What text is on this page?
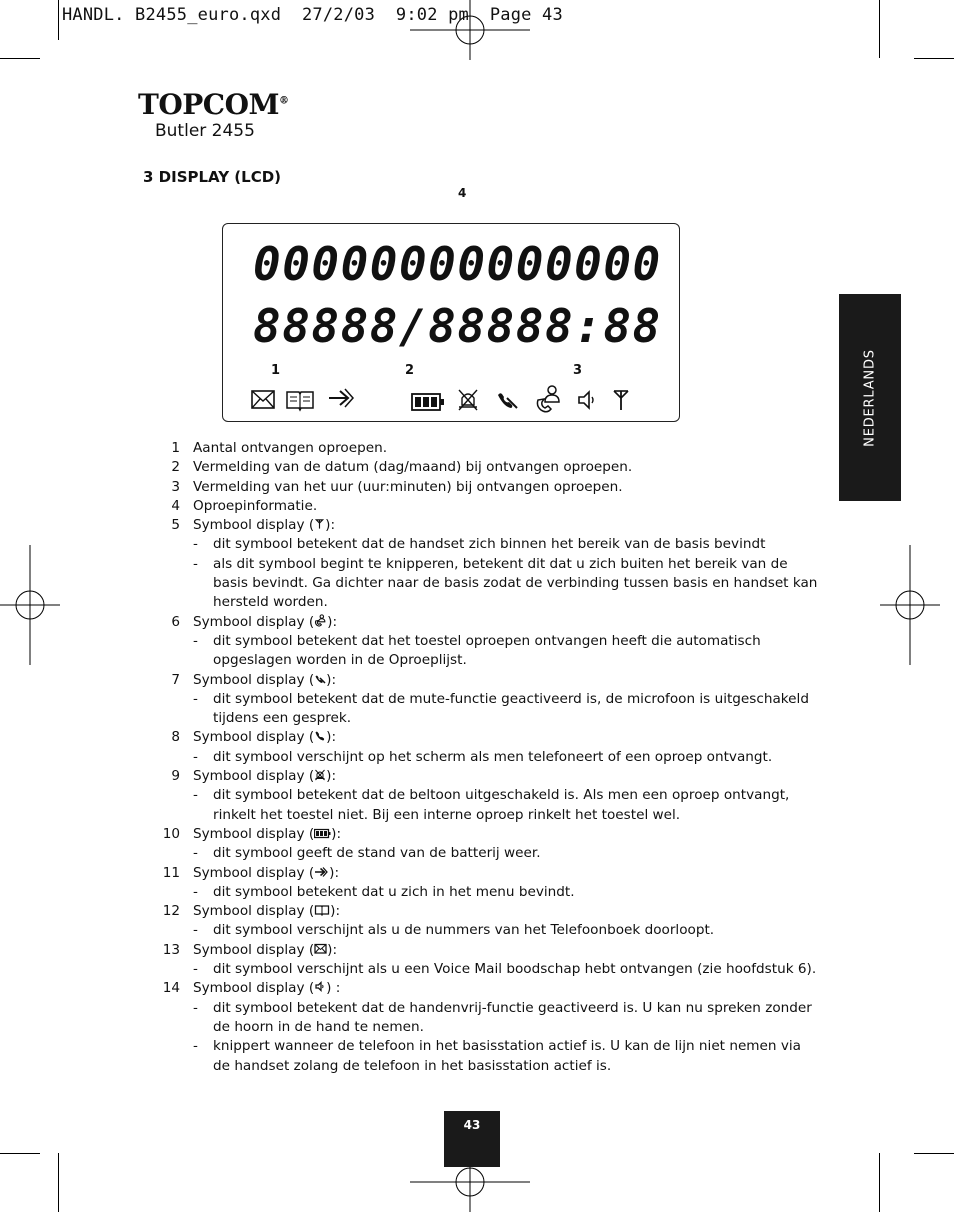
HANDL. B2455_euro.qxd  27/2/03  9:02 pm  Page 43
TOPCOM®
Butler 2455
3 DISPLAY (LCD)
4
00000000000000
88888/88888:88
1	2	3
1 Aantal ontvangen oproepen.
2 Vermelding van de datum (dag/maand) bij ontvangen oproepen.
3 Vermelding van het uur (uur:minuten) bij ontvangen oproepen.
4 Oproepinformatie.
5 Symbool display ( ):
-	dit symbool betekent dat de handset zich binnen het bereik van de basis bevindt
-	als dit symbool begint te knipperen, betekent dit dat u zich buiten het bereik van de basis bevindt. Ga dichter naar de basis zodat de verbinding tussen basis en handset kan hersteld worden.
6 Symbool display ( ):
-	dit symbool betekent dat het toestel oproepen ontvangen heeft die automatisch opgeslagen worden in de Oproeplijst.
7 Symbool display ( ):
-	dit symbool betekent dat de mute-functie geactiveerd is, de microfoon is uitgeschakeld tijdens een gesprek.
8 Symbool display ( ):
-	dit symbool verschijnt op het scherm als men telefoneert of een oproep ontvangt.
9 Symbool display ( ):
-	dit symbool betekent dat de beltoon uitgeschakeld is. Als men een oproep ontvangt, rinkelt het toestel niet. Bij een interne oproep rinkelt het toestel wel.
10 Symbool display ( ):
-	dit symbool geeft de stand van de batterij weer.
11 Symbool display ( ):
-	dit symbool betekent dat u zich in het menu bevindt.
12 Symbool display ( ):
-	dit symbool verschijnt als u de nummers van het Telefoonboek doorloopt.
13 Symbool display ( ):
-	dit symbool verschijnt als u een Voice Mail boodschap hebt ontvangen (zie hoofdstuk 6).
14 Symbool display ( ) :
-	dit symbool betekent dat de handenvrij-functie geactiveerd is. U kan nu spreken zonder de hoorn in de hand te nemen.
-	knippert wanneer de telefoon in het basisstation actief is. U kan de lijn niet nemen via de handset zolang de telefoon in het basisstation actief is.
NEDERLANDS
43
